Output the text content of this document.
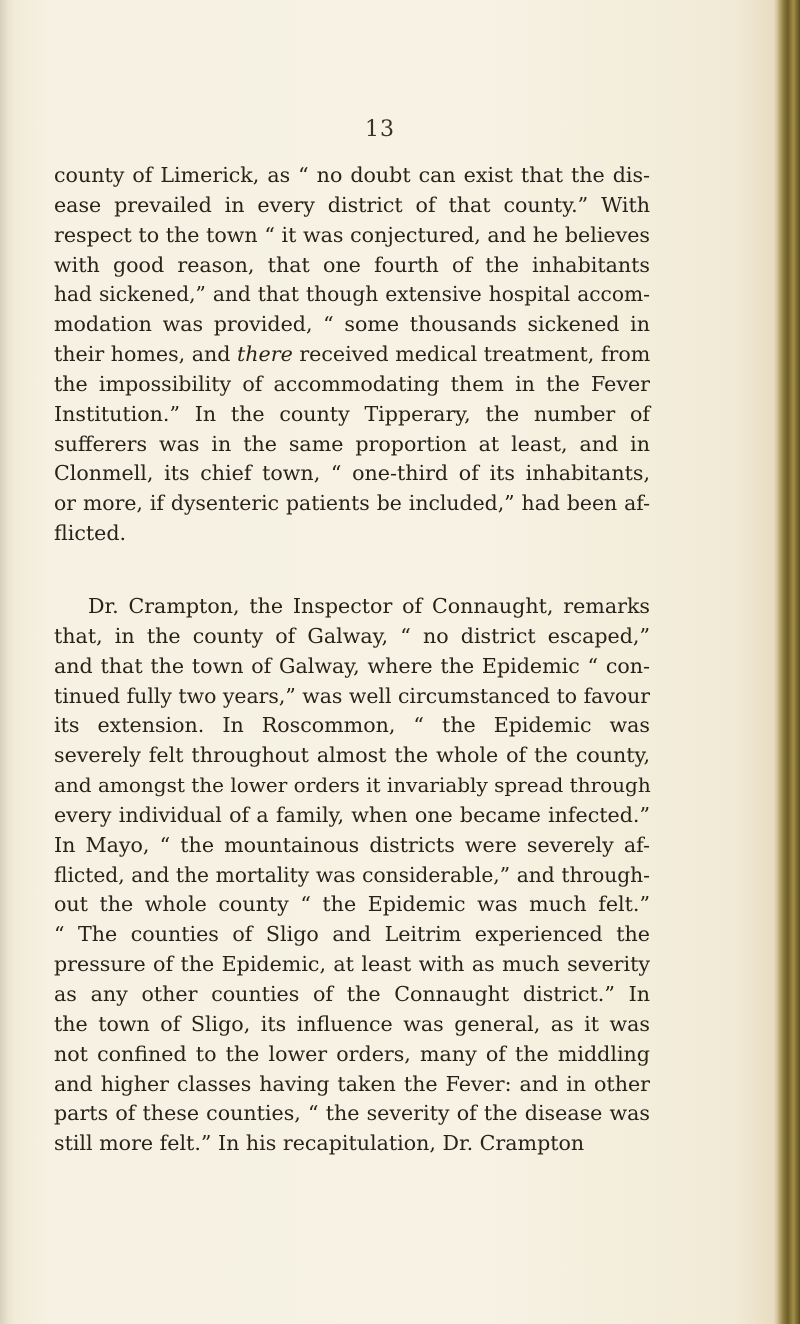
13
county of Limerick, as “ no doubt can exist that the dis-
ease prevailed in every district of that county.” With
respect to the town “ it was conjectured, and he believes
with good reason, that one fourth of the inhabitants
had sickened,” and that though extensive hospital accom-
modation was provided, “ some thousands sickened in
their homes, and there received medical treatment, from
the impossibility of accommodating them in the Fever
Institution.” In the county Tipperary, the number of
sufferers was in the same proportion at least, and in
Clonmell, its chief town, “ one-third of its inhabitants,
or more, if dysenteric patients be included,” had been af-
flicted.
Dr. Crampton, the Inspector of Connaught, remarks
that, in the county of Galway, “ no district escaped,”
and that the town of Galway, where the Epidemic “ con-
tinued fully two years,” was well circumstanced to favour
its extension. In Roscommon, “ the Epidemic was
severely felt throughout almost the whole of the county,
and amongst the lower orders it invariably spread through
every individual of a family, when one became infected.”
In Mayo, “ the mountainous districts were severely af-
flicted, and the mortality was considerable,” and through-
out the whole county “ the Epidemic was much felt.”
“ The counties of Sligo and Leitrim experienced the
pressure of the Epidemic, at least with as much severity
as any other counties of the Connaught district.” In
the town of Sligo, its influence was general, as it was
not confined to the lower orders, many of the middling
and higher classes having taken the Fever: and in other
parts of these counties, “ the severity of the disease was
still more felt.” In his recapitulation, Dr. Crampton
